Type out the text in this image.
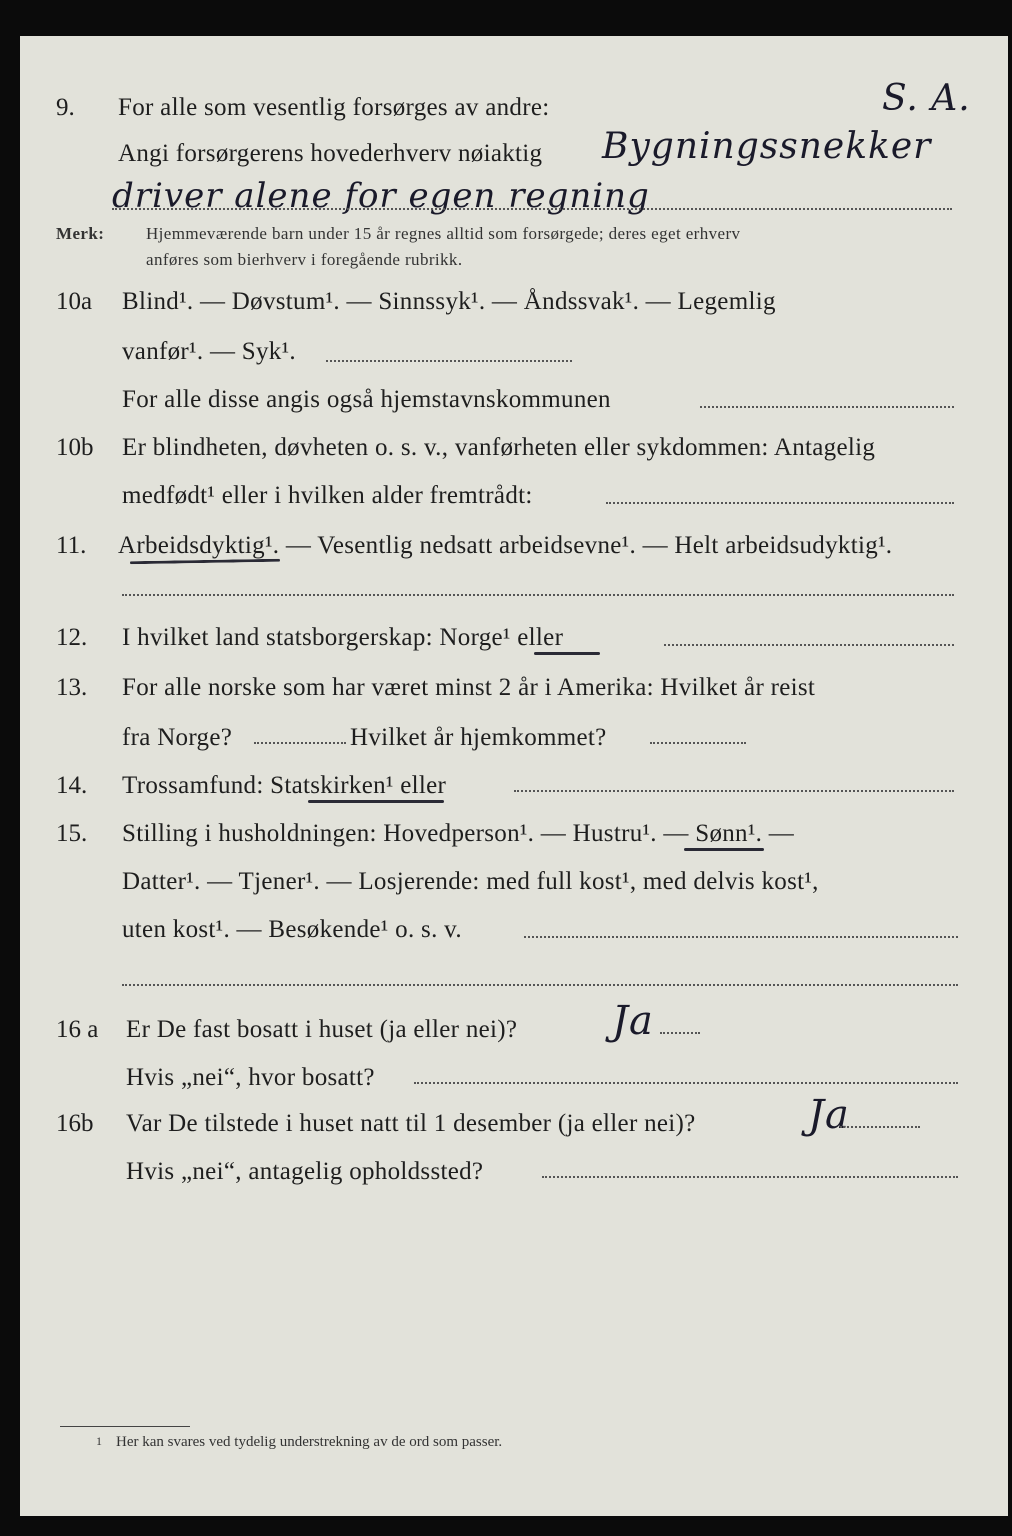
9. For alle som vesentlig forsørges av andre:	S. A.
Angi forsørgerens hovederhverv nøiaktig Bygningssnekker
driver alene for egen regning
Merk: Hjemmeværende barn under 15 år regnes alltid som forsørgede; deres eget erhverv
anføres som bierhverv i foregående rubrikk.
10a Blind¹. — Døvstum¹. — Sinnssyk¹. — Åndssvak¹. — Legemlig
vanfør¹. — Syk¹.
For alle disse angis også hjemstavnskommunen
10b Er blindheten, døvheten o. s. v., vanførheten eller sykdommen: Antagelig
medfødt¹ eller i hvilken alder fremtrådt:
11. Arbeidsdyktig¹. — Vesentlig nedsatt arbeidsevne¹. — Helt arbeidsudyktig¹.
12. I hvilket land statsborgerskap: Norge¹ eller
13. For alle norske som har været minst 2 år i Amerika: Hvilket år reist
fra Norge?	Hvilket år hjemkommet?
14. Trossamfund: Statskirken¹ eller
15. Stilling i husholdningen: Hovedperson¹. — Hustru¹. — Sønn¹. —
Datter¹. — Tjener¹. — Losjerende: med full kost¹, med delvis kost¹,
uten kost¹. — Besøkende¹ o. s. v.
16 a Er De fast bosatt i huset (ja eller nei)? Ja
Hvis „nei“, hvor bosatt?
16b Var De tilstede i huset natt til 1 desember (ja eller nei)?	Ja
Hvis „nei“, antagelig opholdssted?
1 Her kan svares ved tydelig understrekning av de ord som passer.
